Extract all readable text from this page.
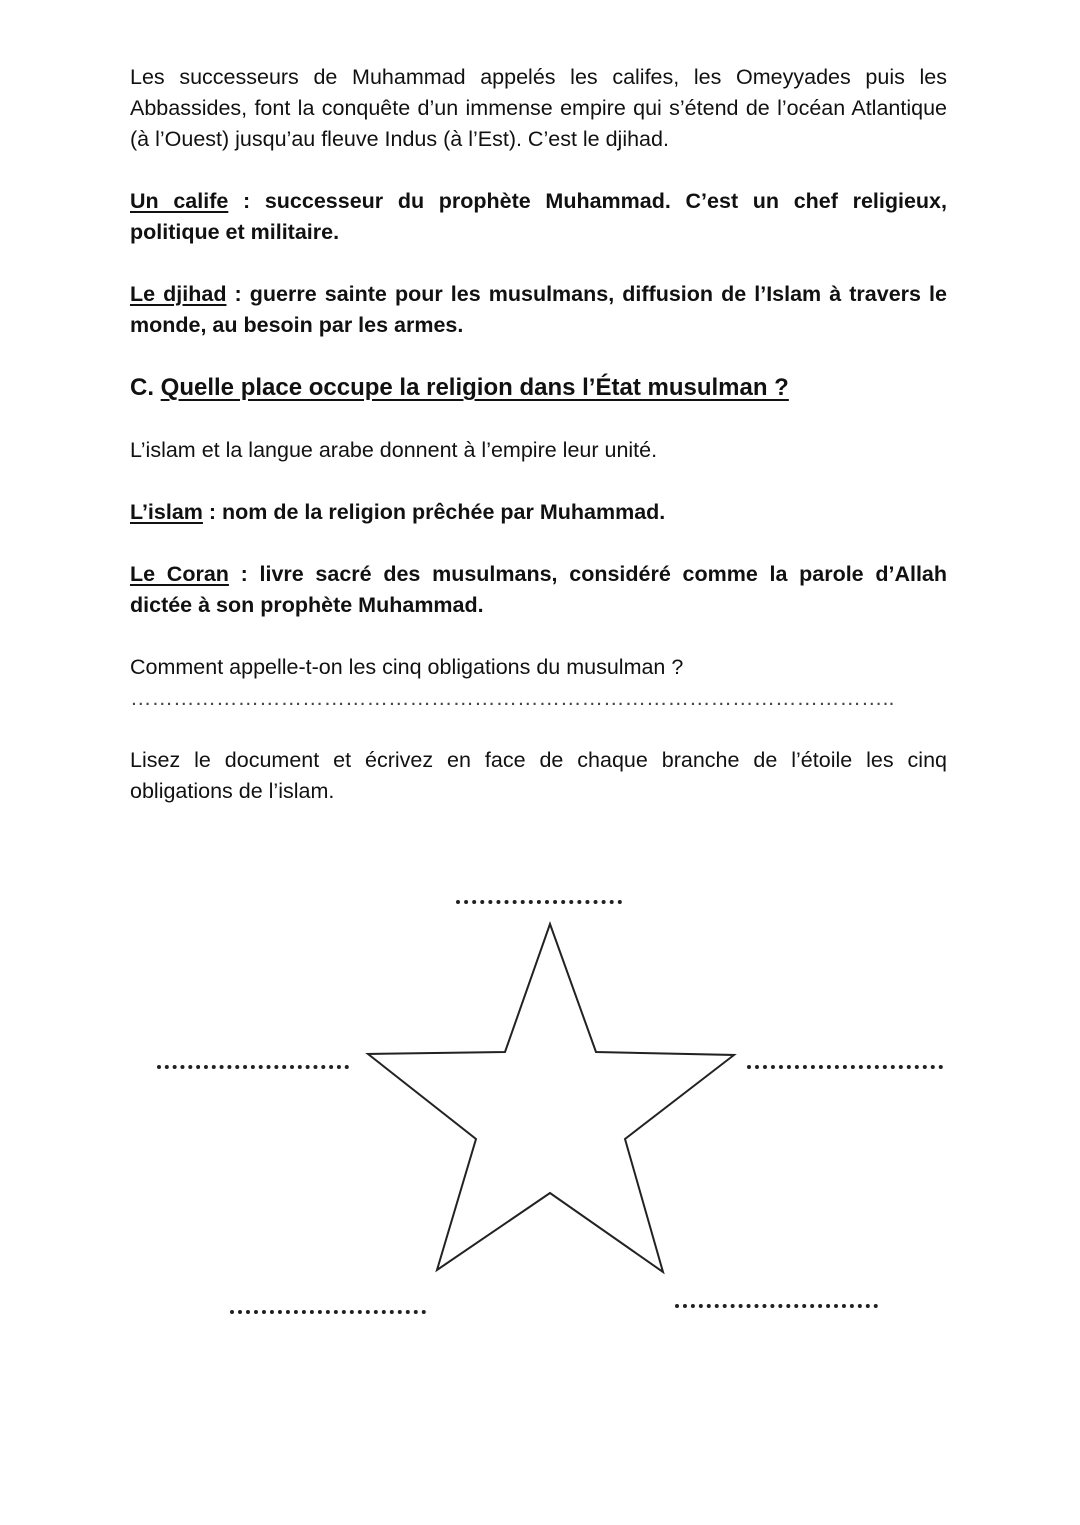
Les successeurs de Muhammad appelés les califes, les Omeyyades puis les Abbassides, font la conquête d’un immense empire qui s’étend de l’océan Atlantique (à l’Ouest) jusqu’au fleuve Indus (à l’Est). C’est le djihad.

Un calife : successeur du prophète Muhammad. C’est un chef religieux, politique et militaire.

Le djihad : guerre sainte pour les musulmans, diffusion de l’Islam à travers le monde, au besoin par les armes.

C. Quelle place occupe la religion dans l’État musulman ?

L’islam et la langue arabe donnent à l’empire leur unité.

L’islam : nom de la religion prêchée par Muhammad.

Le Coran : livre sacré des musulmans, considéré comme la parole d’Allah dictée à son prophète Muhammad.

Comment appelle-t-on les cinq obligations du musulman ?

……………………………………………………………………………………………..

Lisez le document et écrivez en face de chaque branche de l’étoile les cinq obligations de l’islam.
